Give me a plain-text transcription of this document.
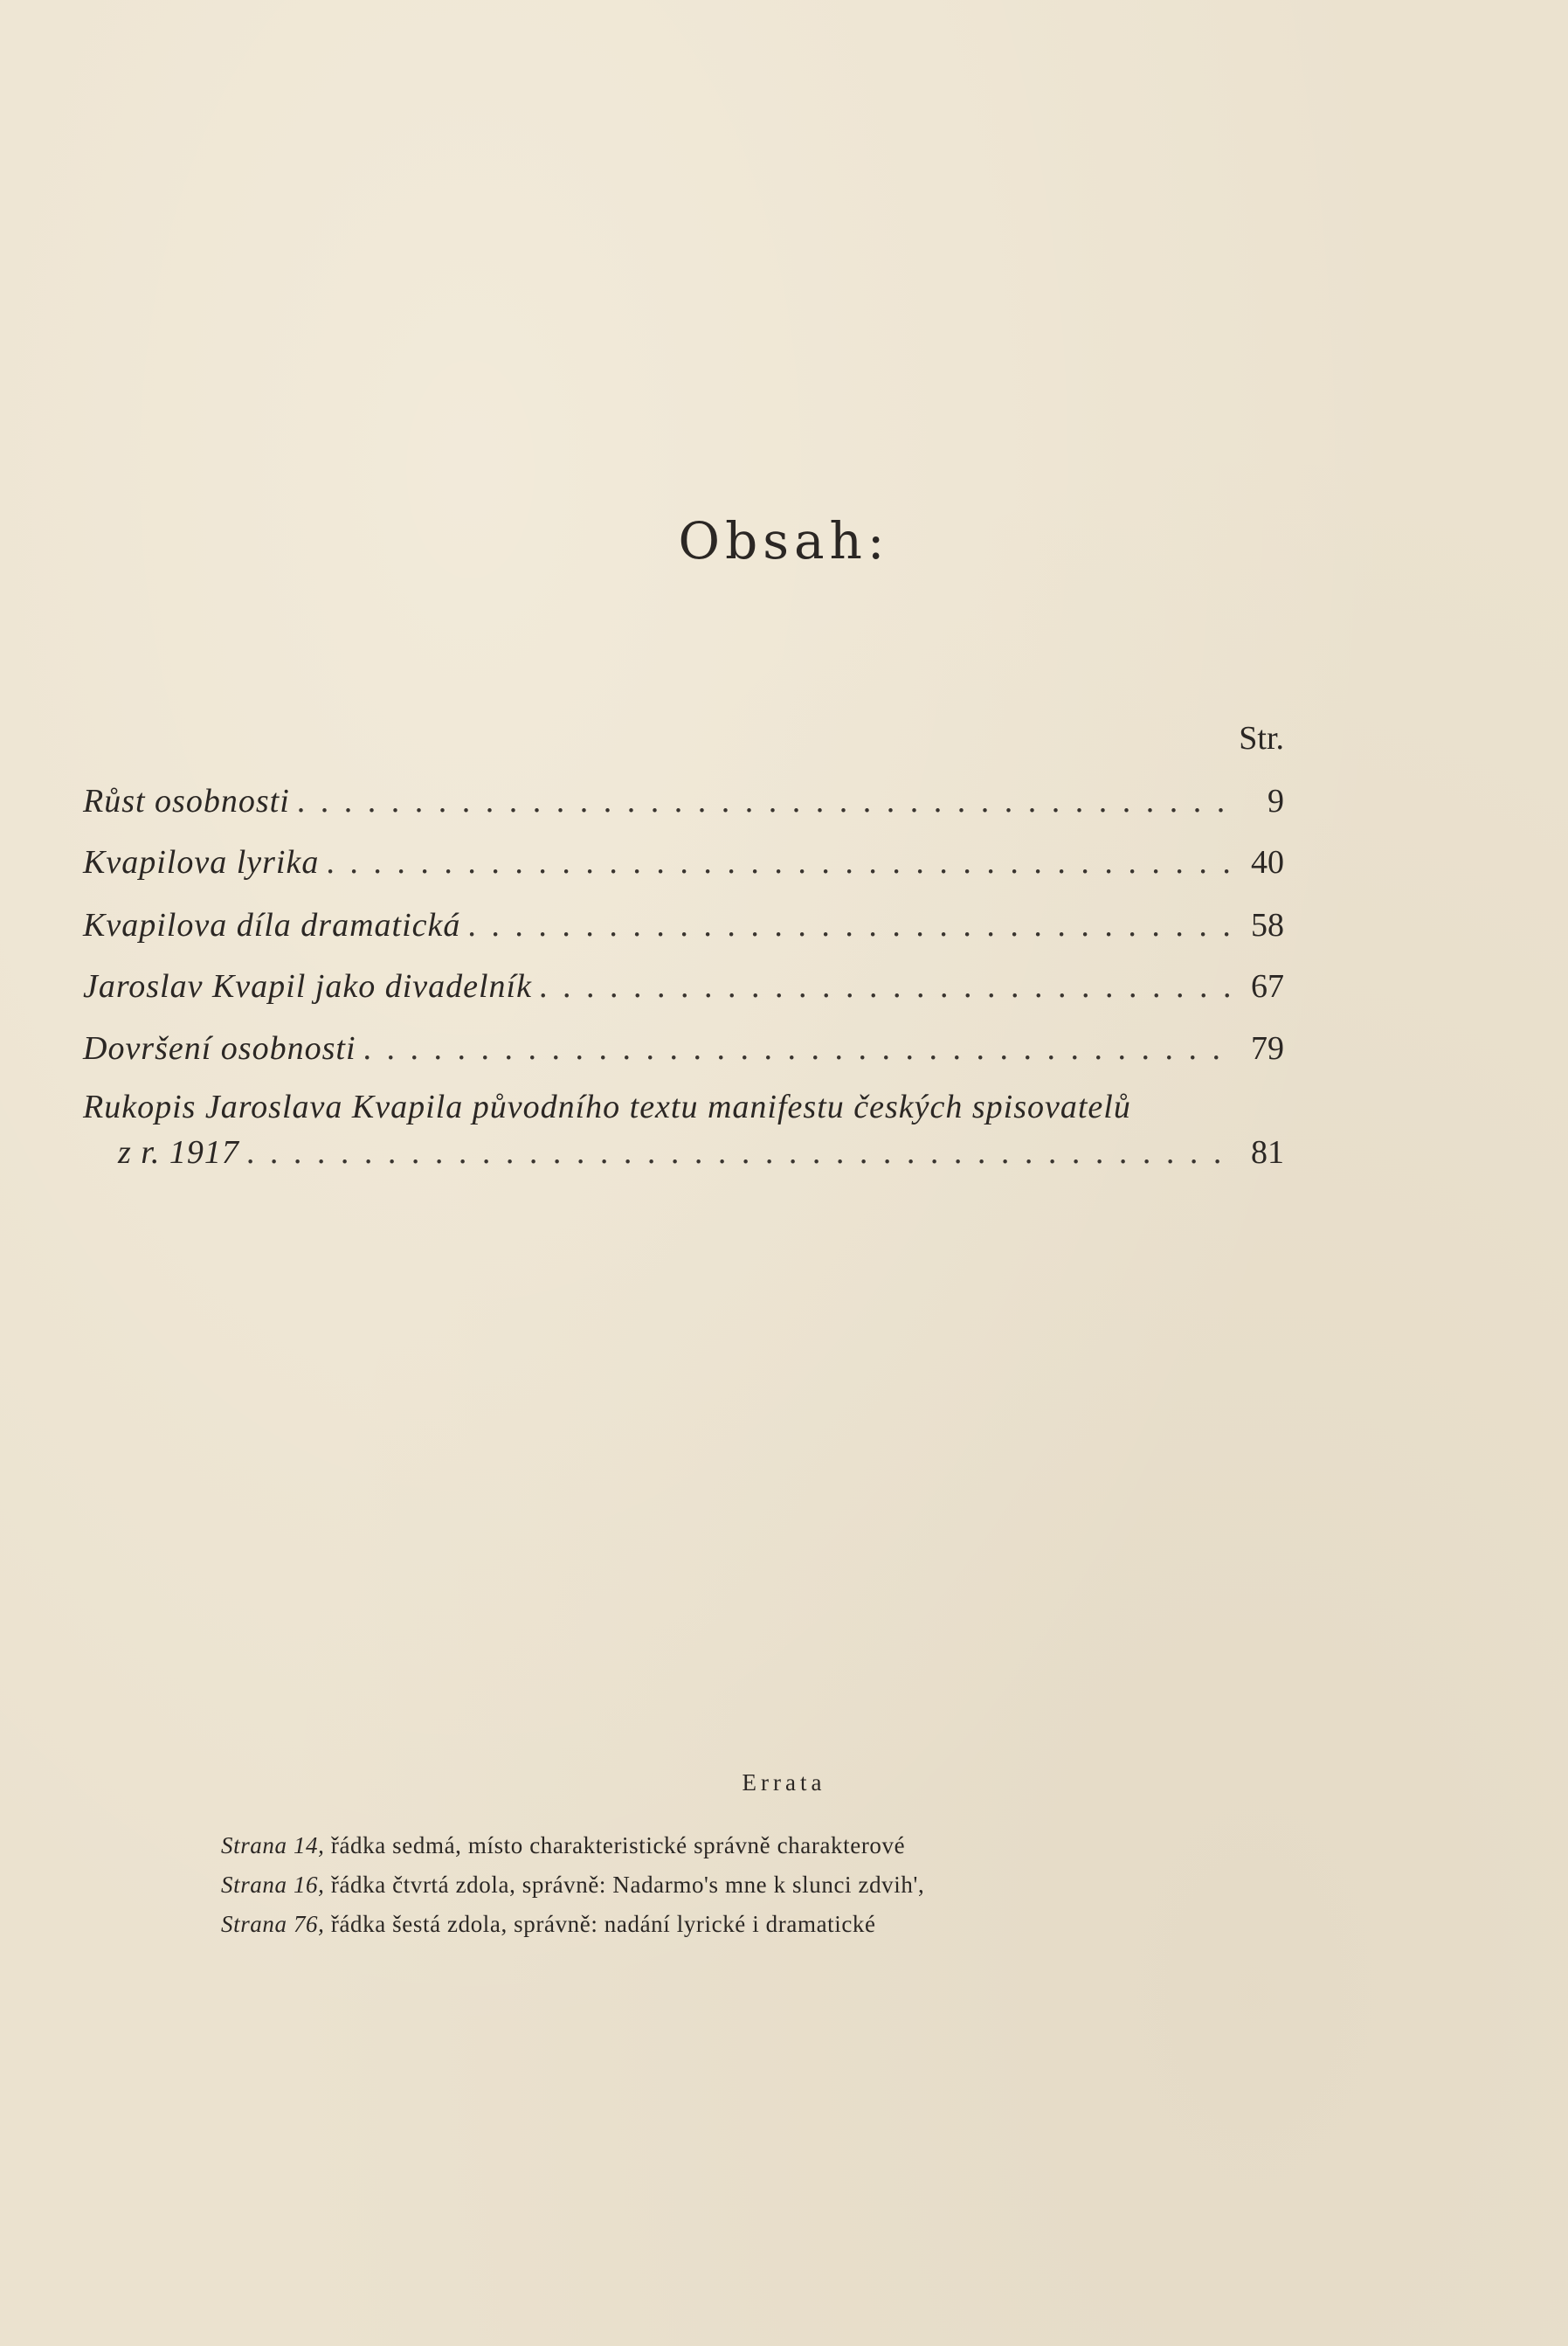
Obsah:
Str.
Růst osobnosti . . .	9
Kvapilova lyrika . . .	40
Kvapilova díla dramatická . . .	58
Jaroslav Kvapil jako divadelník . . .	67
Dovršení osobnosti . . .	79
Rukopis Jaroslava Kvapila původního textu manifestu českých spisovatelů
z r. 1917 . . .	81
Errata
Strana 14, řádka sedmá, místo charakteristické správně charakterové
Strana 16, řádka čtvrtá zdola, správně: Nadarmo's mne k slunci zdvih',
Strana 76, řádka šestá zdola, správně: nadání lyrické i dramatické
